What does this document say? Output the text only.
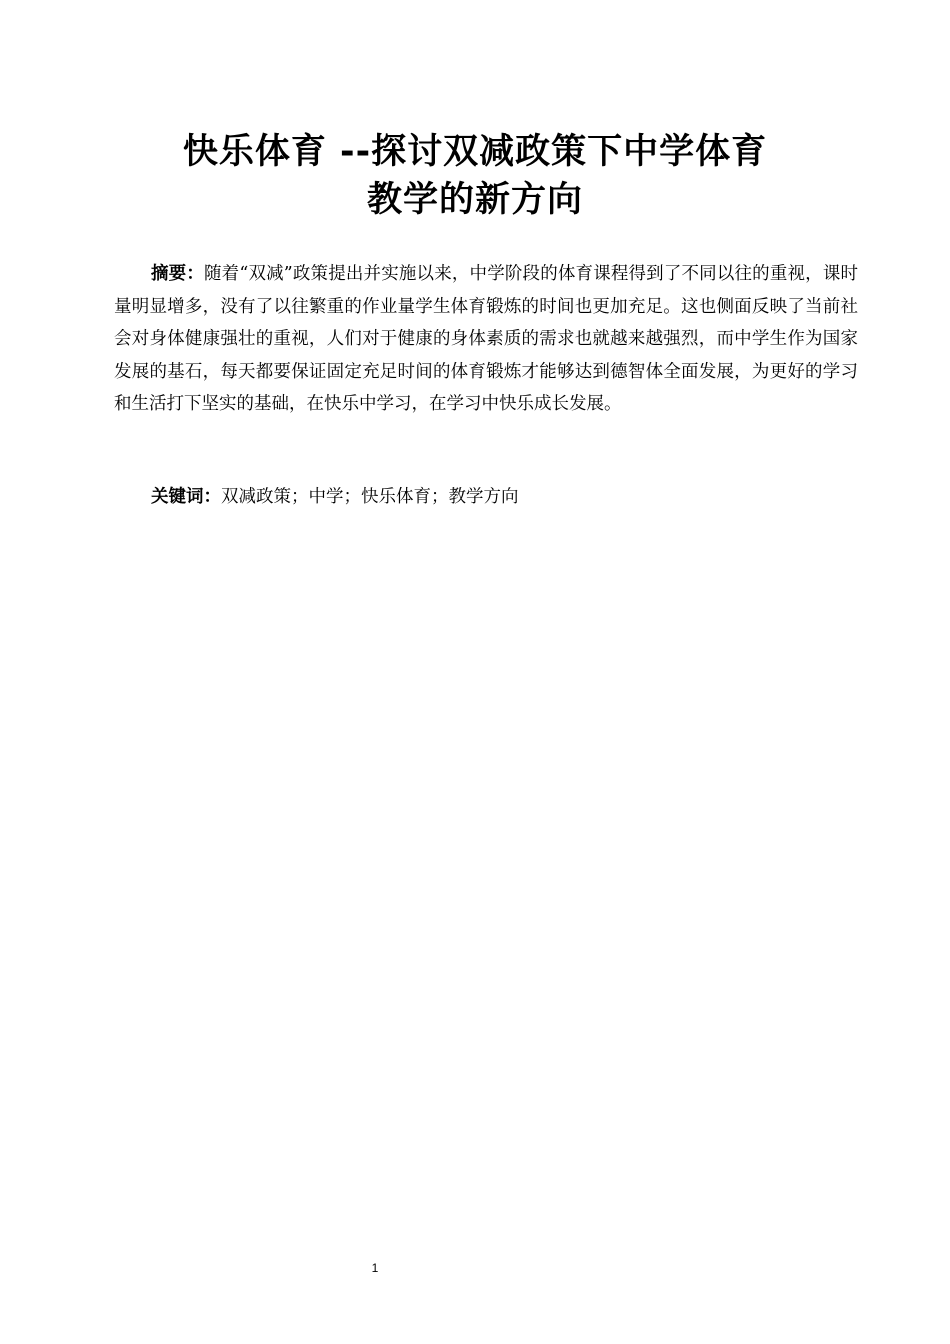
快乐体育 --探讨双减政策下中学体育
教学的新方向

摘要：随着“双减”政策提出并实施以来，中学阶段的体育课程得到了不同以往的重视，课时量明显增多，没有了以往繁重的作业量学生体育锻炼的时间也更加充足。这也侧面反映了当前社会对身体健康强壮的重视，人们对于健康的身体素质的需求也就越来越强烈，而中学生作为国家发展的基石，每天都要保证固定充足时间的体育锻炼才能够达到德智体全面发展，为更好的学习和生活打下坚实的基础，在快乐中学习，在学习中快乐成长发展。

关键词：双减政策；中学；快乐体育；教学方向

1
